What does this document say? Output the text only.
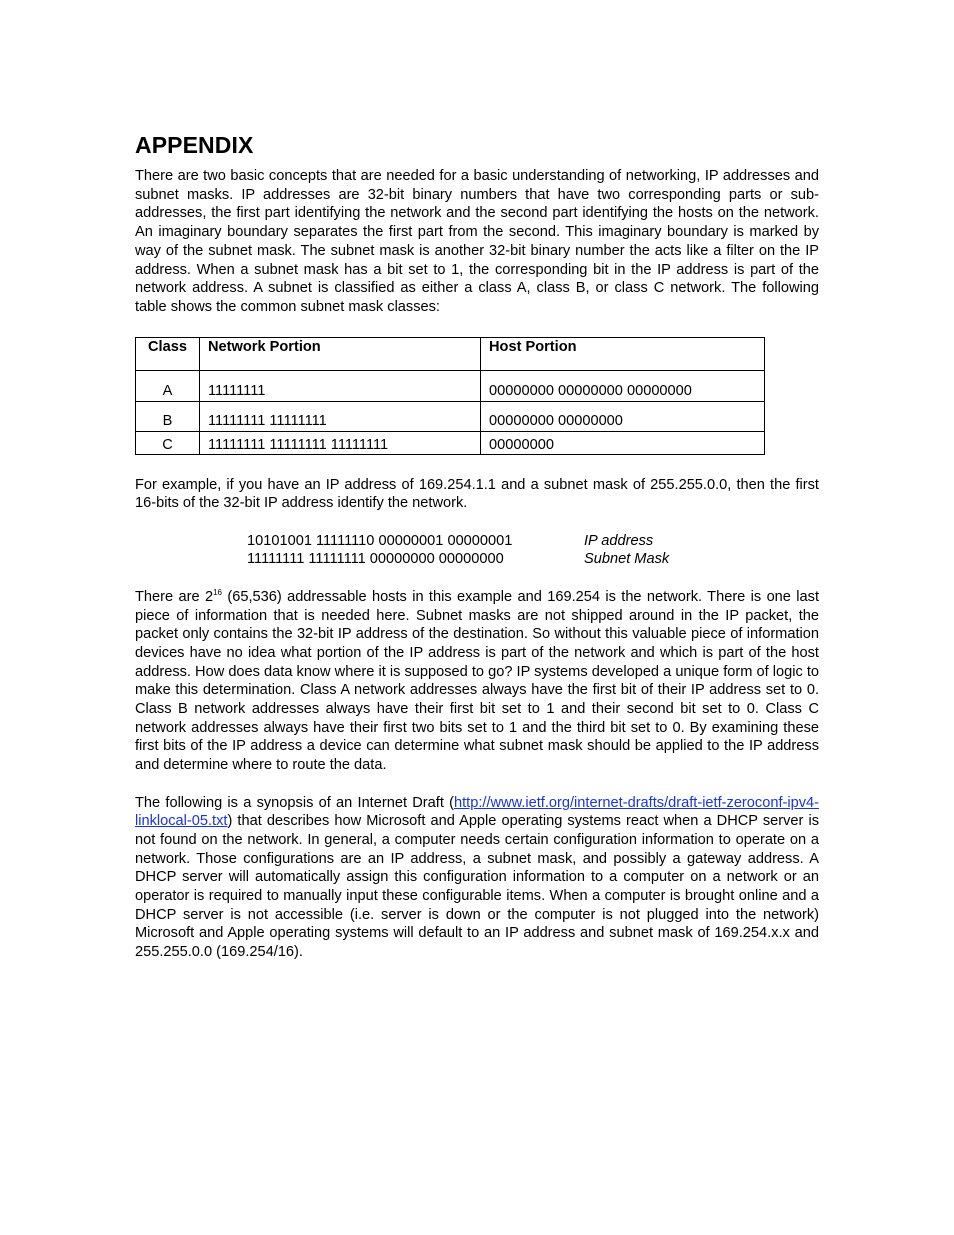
APPENDIX

There are two basic concepts that are needed for a basic understanding of networking, IP addresses and subnet masks. IP addresses are 32-bit binary numbers that have two corresponding parts or sub-addresses, the first part identifying the network and the second part identifying the hosts on the network. An imaginary boundary separates the first part from the second. This imaginary boundary is marked by way of the subnet mask. The subnet mask is another 32-bit binary number the acts like a filter on the IP address. When a subnet mask has a bit set to 1, the corresponding bit in the IP address is part of the network address. A subnet is classified as either a class A, class B, or class C network. The following table shows the common subnet mask classes:

Class	Network Portion	Host Portion
A	11111111	00000000 00000000 00000000
B	11111111 11111111	00000000 00000000
C	11111111 11111111 11111111	00000000

For example, if you have an IP address of 169.254.1.1 and a subnet mask of 255.255.0.0, then the first 16-bits of the 32-bit IP address identify the network.

10101001 11111110 00000001 00000001	IP address
11111111 11111111 00000000 00000000	Subnet Mask

There are $2^{16}$ (65,536) addressable hosts in this example and 169.254 is the network. There is one last piece of information that is needed here. Subnet masks are not shipped around in the IP packet, the packet only contains the 32-bit IP address of the destination. So without this valuable piece of information devices have no idea what portion of the IP address is part of the network and which is part of the host address. How does data know where it is supposed to go? IP systems developed a unique form of logic to make this determination. Class A network addresses always have the first bit of their IP address set to 0. Class B network addresses always have their first bit set to 1 and their second bit set to 0. Class C network addresses always have their first two bits set to 1 and the third bit set to 0. By examining these first bits of the IP address a device can determine what subnet mask should be applied to the IP address and determine where to route the data.

The following is a synopsis of an Internet Draft (http://www.ietf.org/internet-drafts/draft-ietf-zeroconf-ipv4-linklocal-05.txt) that describes how Microsoft and Apple operating systems react when a DHCP server is not found on the network. In general, a computer needs certain configuration information to operate on a network. Those configurations are an IP address, a subnet mask, and possibly a gateway address. A DHCP server will automatically assign this configuration information to a computer on a network or an operator is required to manually input these configurable items. When a computer is brought online and a DHCP server is not accessible (i.e. server is down or the computer is not plugged into the network) Microsoft and Apple operating systems will default to an IP address and subnet mask of 169.254.x.x and 255.255.0.0 (169.254/16).
